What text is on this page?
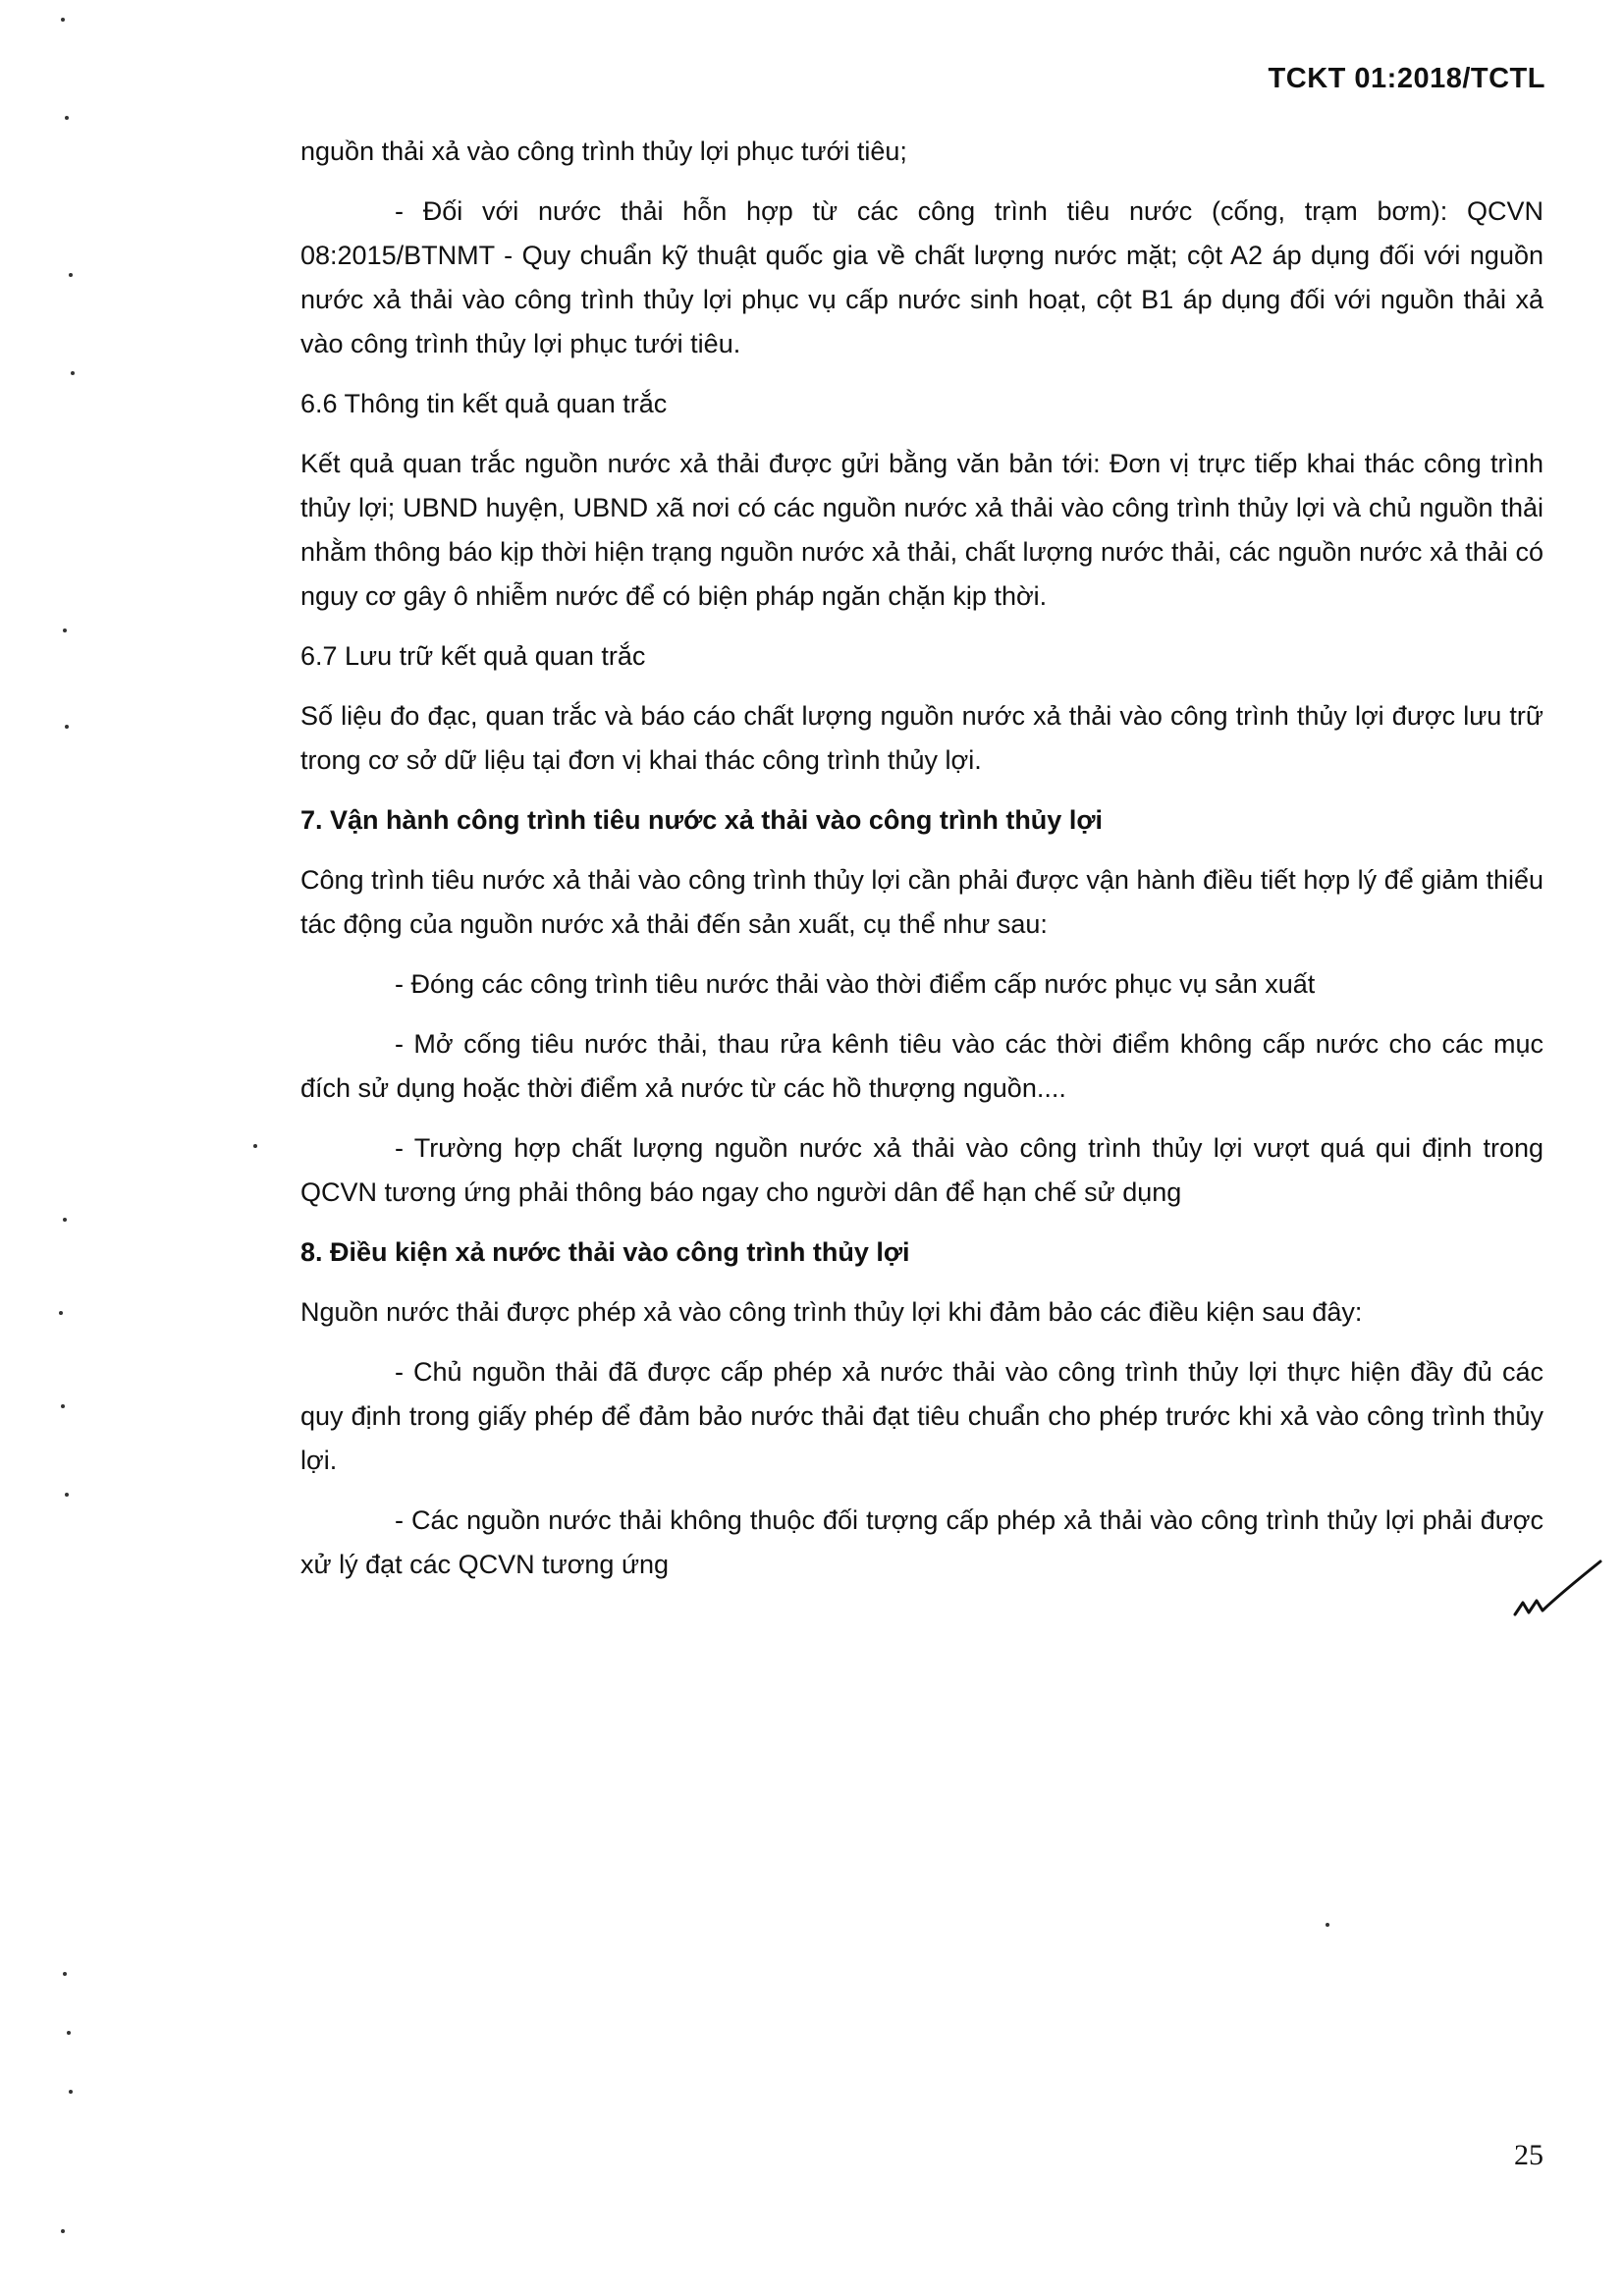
TCKT 01:2018/TCTL

nguồn thải xả vào công trình thủy lợi phục tưới tiêu;

- Đối với nước thải hỗn hợp từ các công trình tiêu nước (cống, trạm bơm): QCVN 08:2015/BTNMT - Quy chuẩn kỹ thuật quốc gia về chất lượng nước mặt; cột A2 áp dụng đối với nguồn nước xả thải vào công trình thủy lợi phục vụ cấp nước sinh hoạt, cột B1 áp dụng đối với nguồn thải xả vào công trình thủy lợi phục tưới tiêu.

6.6 Thông tin kết quả quan trắc

Kết quả quan trắc nguồn nước xả thải được gửi bằng văn bản tới: Đơn vị trực tiếp khai thác công trình thủy lợi; UBND huyện, UBND xã nơi có các nguồn nước xả thải vào công trình thủy lợi và chủ nguồn thải nhằm thông báo kịp thời hiện trạng nguồn nước xả thải, chất lượng nước thải, các nguồn nước xả thải có nguy cơ gây ô nhiễm nước để có biện pháp ngăn chặn kịp thời.

6.7 Lưu trữ kết quả quan trắc

Số liệu đo đạc, quan trắc và báo cáo chất lượng nguồn nước xả thải vào công trình thủy lợi được lưu trữ trong cơ sở dữ liệu tại đơn vị khai thác công trình thủy lợi.

7. Vận hành công trình tiêu nước xả thải vào công trình thủy lợi

Công trình tiêu nước xả thải vào công trình thủy lợi cần phải được vận hành điều tiết hợp lý để giảm thiểu tác động của nguồn nước xả thải đến sản xuất, cụ thể như sau:

- Đóng các công trình tiêu nước thải vào thời điểm cấp nước phục vụ sản xuất

- Mở cống tiêu nước thải, thau rửa kênh tiêu vào các thời điểm không cấp nước cho các mục đích sử dụng hoặc thời điểm xả nước từ các hồ thượng nguồn....

- Trường hợp chất lượng nguồn nước xả thải vào công trình thủy lợi vượt quá qui định trong QCVN tương ứng phải thông báo ngay cho người dân để hạn chế sử dụng

8. Điều kiện xả nước thải vào công trình thủy lợi

Nguồn nước thải được phép xả vào công trình thủy lợi khi đảm bảo các điều kiện sau đây:

- Chủ nguồn thải đã được cấp phép xả nước thải vào công trình thủy lợi thực hiện đầy đủ các quy định trong giấy phép để đảm bảo nước thải đạt tiêu chuẩn cho phép trước khi xả vào công trình thủy lợi.

- Các nguồn nước thải không thuộc đối tượng cấp phép xả thải vào công trình thủy lợi phải được xử lý đạt các QCVN tương ứng

25
